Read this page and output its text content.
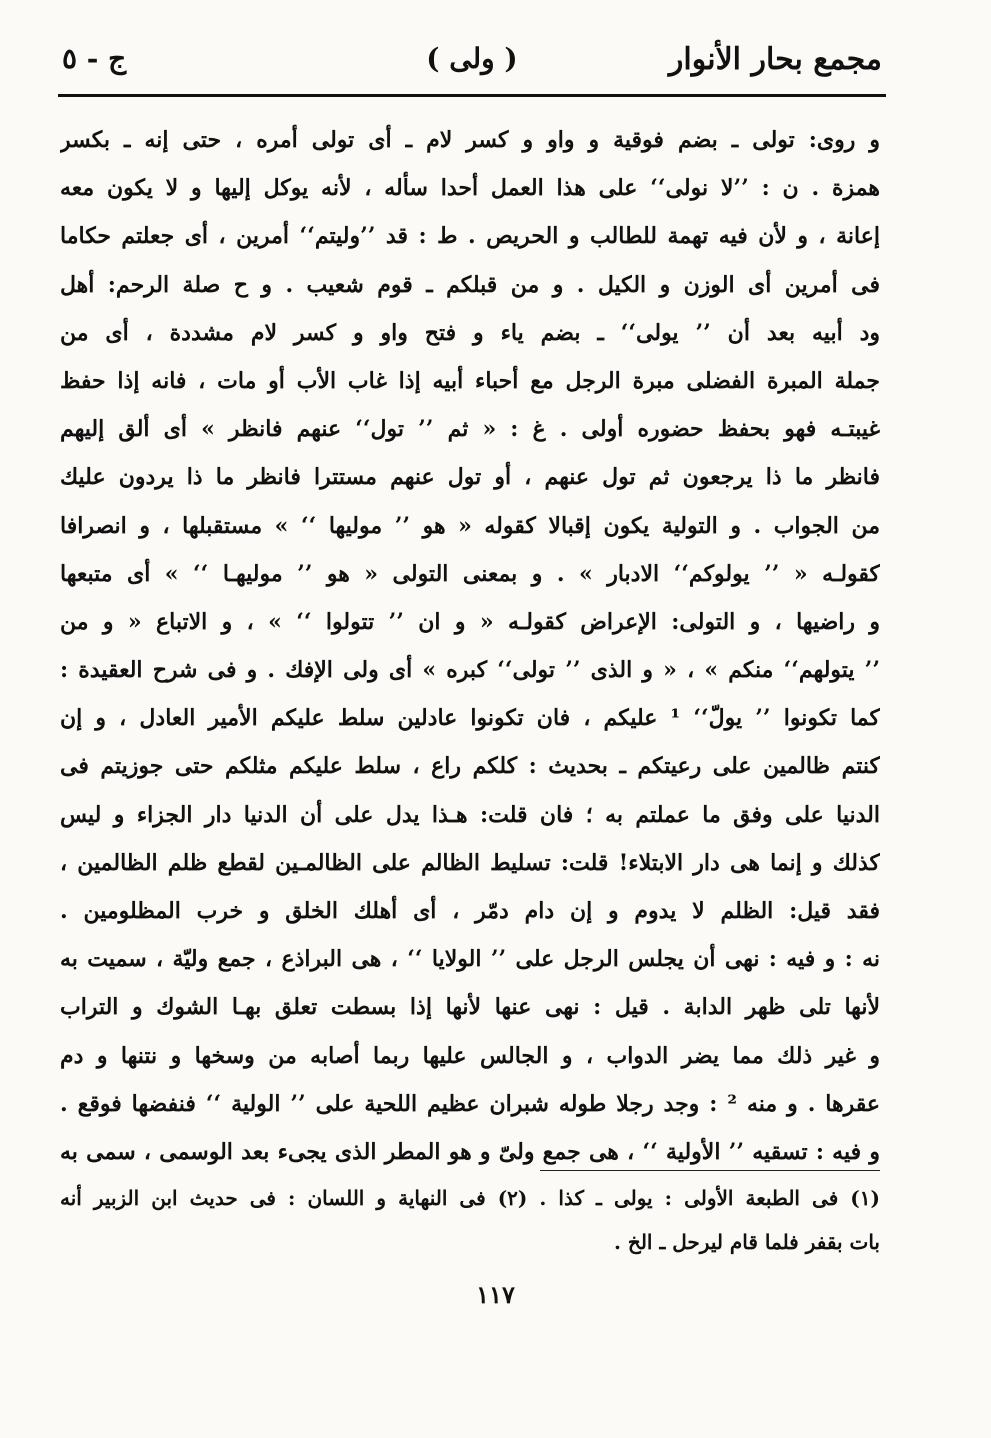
مجمع بحار الأنوار
( ولى )
ج - ٥
و روى: تولى ـ بضم فوقية و واو و كسر لام ـ أى تولى أمره ، حتى إنه ـ بكسر
همزة . ن : ’’لا نولى‘‘ على هذا العمل أحدا سأله ، لأنه يوكل إليها و لا يكون معه
إعانة ، و لأن فيه تهمة للطالب و الحريص . ط : قد ’’وليتم‘‘ أمرين ، أى جعلتم حكاما
فى أمرين أى الوزن و الكيل . و من قبلكم ـ قوم شعيب . و ح صلة الرحم: أهل
ود أبيه بعد أن ’’ يولى‘‘ ـ بضم ياء و فتح واو و كسر لام مشددة ، أى من
جملة المبرة الفضلى مبرة الرجل مع أحباء أبيه إذا غاب الأب أو مات ، فانه إذا حفظ
غيبتـه فهو بحفظ حضوره أولى . غ : « ثم ’’ تول‘‘ عنهم فانظر » أى ألق إليهم
فانظر ما ذا يرجعون ثم تول عنهم ، أو تول عنهم مستترا فانظر ما ذا يردون عليك
من الجواب . و التولية يكون إقبالا كقوله « هو ’’ موليها ‘‘ » مستقبلها ، و انصرافا
كقولـه « ’’ يولوكم‘‘ الادبار » . و بمعنى التولى « هو ’’ موليهـا ‘‘ » أى متبعها
و راضيها ، و التولى: الإعراض كقولـه « و ان ’’ تتولوا ‘‘ » ، و الاتباع « و من
’’ يتولهم‘‘ منكم » ، « و الذى ’’ تولى‘‘ كبره » أى ولى الإفك . و فى شرح العقيدة :
كما تكونوا ’’ يولّ‘‘ ¹ عليكم ، فان تكونوا عادلين سلط عليكم الأمير العادل ، و إن
كنتم ظالمين على رعيتكم ـ بحديث : كلكم راع ، سلط عليكم مثلكم حتى جوزيتم فى
الدنيا على وفق ما عملتم به ؛ فان قلت: هـذا يدل على أن الدنيا دار الجزاء و ليس
كذلك و إنما هى دار الابتلاء! قلت: تسليط الظالم على الظالمـين لقطع ظلم الظالمين ،
فقد قيل: الظلم لا يدوم و إن دام دمّر ، أى أهلك الخلق و خرب المظلومين .
نه : و فيه : نهى أن يجلس الرجل على ’’ الولايا ‘‘ ، هى البراذع ، جمع وليّة ، سميت به
لأنها تلى ظهر الدابة . قيل : نهى عنها لأنها إذا بسطت تعلق بهـا الشوك و التراب
و غير ذلك مما يضر الدواب ، و الجالس عليها ربما أصابه من وسخها و نتنها و دم
عقرها . و منه ² : وجد رجلا طوله شبران عظيم اللحية على ’’ الولية ‘‘ فنفضها فوقع .
و فيه : تسقيه ’’ الأولية ‘‘ ، هى جمع ولىّ و هو المطر الذى يجىء بعد الوسمى ، سمى به
(١) فى الطبعة الأولى : يولى ـ كذا . (٢) فى النهاية و اللسان : فى حديث ابن الزبير أنه
بات بقفر فلما قام ليرحل ـ الخ .
١١٧
